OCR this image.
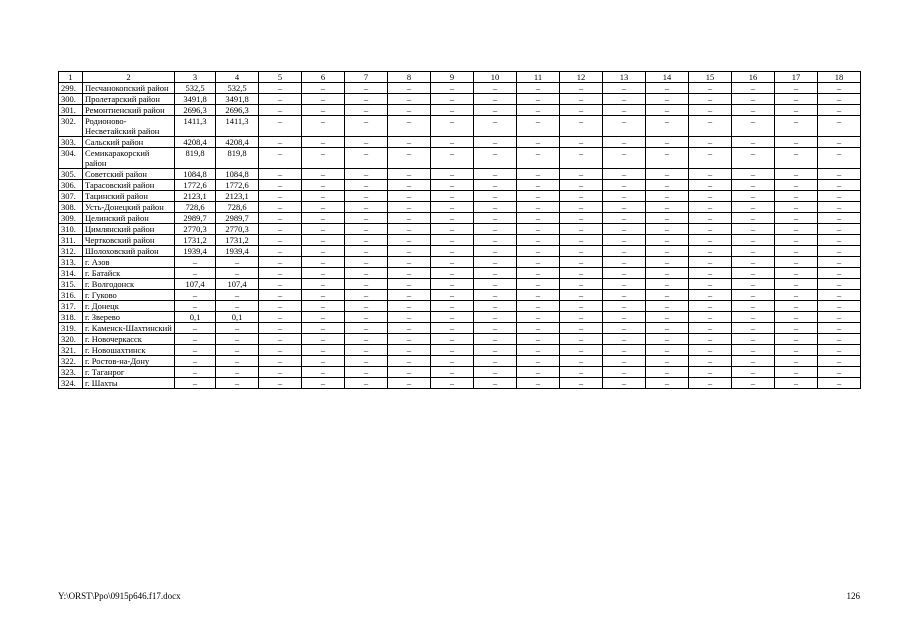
1	2	3	4	5	6	7	8	9	10	11	12	13	14	15	16	17	18
299.	Песчанокопский район	532,5	532,5	–	–	–	–	–	–	–	–	–	–	–	–	–	–
300.	Пролетарский район	3491,8	3491,8	–	–	–	–	–	–	–	–	–	–	–	–	–	–
301.	Ремонтненский район	2696,3	2696,3	–	–	–	–	–	–	–	–	–	–	–	–	–	–
302.	Родионово-Несветайский район	1411,3	1411,3	–	–	–	–	–	–	–	–	–	–	–	–	–	–
303.	Сальский район	4208,4	4208,4	–	–	–	–	–	–	–	–	–	–	–	–	–	–
304.	Семикаракорский район	819,8	819,8	–	–	–	–	–	–	–	–	–	–	–	–	–	–
305.	Советский район	1084,8	1084,8	–	–	–	–	–	–	–	–	–	–	–	–	–	–
306.	Тарасовский район	1772,6	1772,6	–	–	–	–	–	–	–	–	–	–	–	–	–	–
307.	Тацинский район	2123,1	2123,1	–	–	–	–	–	–	–	–	–	–	–	–	–	–
308.	Усть-Донецкий район	728,6	728,6	–	–	–	–	–	–	–	–	–	–	–	–	–	–
309.	Целинский район	2989,7	2989,7	–	–	–	–	–	–	–	–	–	–	–	–	–	–
310.	Цимлянский район	2770,3	2770,3	–	–	–	–	–	–	–	–	–	–	–	–	–	–
311.	Чертковский район	1731,2	1731,2	–	–	–	–	–	–	–	–	–	–	–	–	–	–
312.	Шолоховский район	1939,4	1939,4	–	–	–	–	–	–	–	–	–	–	–	–	–	–
313.	г. Азов	–	–	–	–	–	–	–	–	–	–	–	–	–	–	–	–
314.	г. Батайск	–	–	–	–	–	–	–	–	–	–	–	–	–	–	–	–
315.	г. Волгодонск	107,4	107,4	–	–	–	–	–	–	–	–	–	–	–	–	–	–
316.	г. Гуково	–	–	–	–	–	–	–	–	–	–	–	–	–	–	–	–
317.	г. Донецк	–	–	–	–	–	–	–	–	–	–	–	–	–	–	–	–
318.	г. Зверево	0,1	0,1	–	–	–	–	–	–	–	–	–	–	–	–	–	–
319.	г. Каменск-Шахтинский	–	–	–	–	–	–	–	–	–	–	–	–	–	–	–	–
320.	г. Новочеркасск	–	–	–	–	–	–	–	–	–	–	–	–	–	–	–	–
321.	г. Новошахтинск	–	–	–	–	–	–	–	–	–	–	–	–	–	–	–	–
322.	г. Ростов-на-Дону	–	–	–	–	–	–	–	–	–	–	–	–	–	–	–	–
323.	г. Таганрог	–	–	–	–	–	–	–	–	–	–	–	–	–	–	–	–
324.	г. Шахты	–	–	–	–	–	–	–	–	–	–	–	–	–	–	–	–
Y:\ORST\Ppo\0915p646.f17.docx	126
